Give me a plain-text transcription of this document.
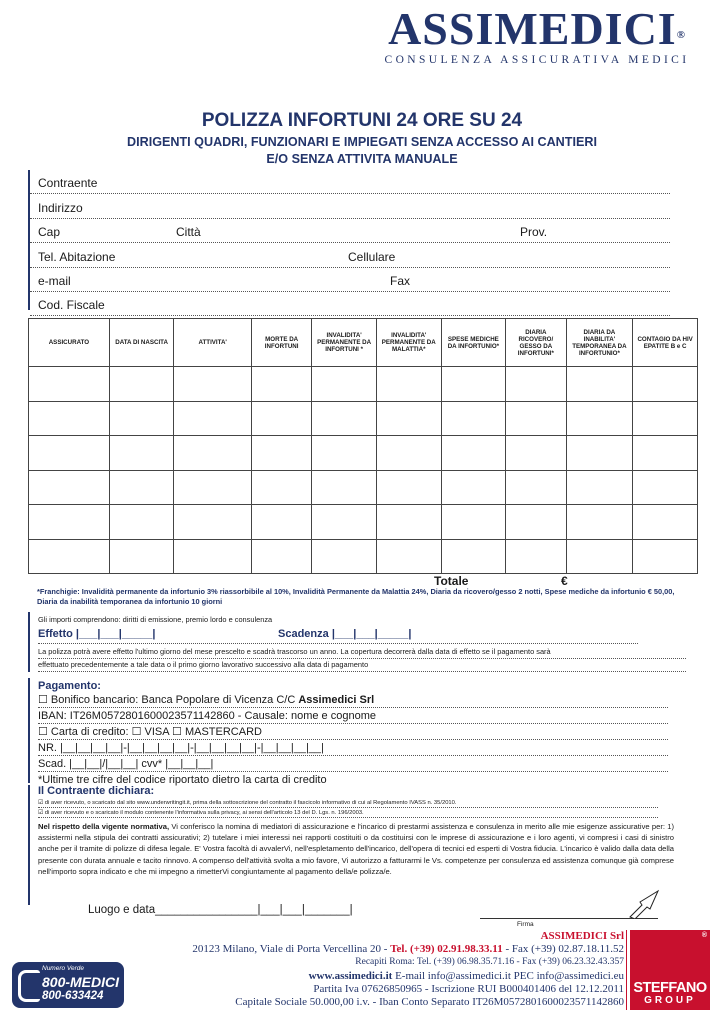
ASSIMEDICI®
CONSULENZA ASSICURATIVA MEDICI
POLIZZA INFORTUNI 24 ORE SU 24
DIRIGENTI QUADRI, FUNZIONARI E IMPIEGATI SENZA ACCESSO AI CANTIERI
E/O SENZA ATTIVITA MANUALE
Contraente
Indirizzo
Cap	Città	Prov.
Tel. Abitazione	Cellulare
e-mail	Fax
Cod. Fiscale
ASSICURATO	DATA DI NASCITA	ATTIVITA'	MORTE DA INFORTUNI	INVALIDITA' PERMANENTE DA INFORTUNI *	INVALIDITA' PERMANENTE DA MALATTIA*	SPESE MEDICHE DA INFORTUNIO*	DIARIA RICOVERO/ GESSO DA INFORTUNI*	DIARIA DA INABILITA' TEMPORANEA DA INFORTUNIO*	CONTAGIO DA HIV EPATITE B e C

Totale	€
*Franchigie: Invalidità permanente da infortunio 3% riassorbibile al 10%, Invalidità Permanente da Malattia 24%, Diaria da ricovero/gesso 2 notti, Spese mediche da infortunio € 50,00, Diaria da inabilità temporanea da infortunio 10 giorni
Gli importi comprendono: diritti di emissione, premio lordo e consulenza
Effetto |___|___|_____|	Scadenza |___|___|_____|
La polizza potrà avere effetto l'ultimo giorno del mese prescelto e scadrà trascorso un anno. La copertura decorrerà dalla data di effetto se il pagamento sarà
effettuato precedentemente a tale data o il primo giorno lavorativo successivo alla data di pagamento
Pagamento:
☐ Bonifico bancario: Banca Popolare di Vicenza C/C Assimedici Srl
IBAN: IT26M0572801600023571142860 - Causale: nome e cognome
☐ Carta di credito: ☐ VISA ☐ MASTERCARD
NR. |__|__|__|__|-|__|__|__|__|-|__|__|__|__|-|__|__|__|__|
Scad. |__|__|/|__|__| cvv* |__|__|__|
*Ultime tre cifre del codice riportato dietro la carta di credito
Il Contraente dichiara:
☑ di aver ricevuto, o scaricato dal sito www.underwritingit.it, prima della sottoscrizione del contratto il fascicolo informativo di cui al Regolamento IVASS n. 35/2010.
☑ di aver ricevuto e o scaricato il modulo contenente l'informativa sulla privacy, ai sensi dell'articolo 13 del D. Lgs. n. 196/2003.
Nel rispetto della vigente normativa, Vi conferisco la nomina di mediatori di assicurazione e l'incarico di prestarmi assistenza e consulenza in merito alle mie esigenze assicurative per: 1) assistermi nella stipula dei contratti assicurativi; 2) tutelare i miei interessi nei rapporti costituiti o da costituirsi con le imprese di assicurazione e i loro agenti, vi compresi i casi di sinistro anche per il tramite di polizze di difesa legale. E' Vostra facoltà di avvalerVi, nell'espletamento dell'incarico, dell'opera di tecnici ed esperti di Vostra fiducia. L'incarico è valido dalla data della presente con durata annuale e tacito rinnovo. A compenso dell'attività svolta a mio favore, Vi autorizzo a fatturarmi le Vs. competenze per consulenza ed assistenza comunque già comprese nell'importo sopra indicato e che mi impegno a rimetterVi congiuntamente al pagamento della/e polizza/e.
Luogo e data________________|___|___|_______|
Firma
ASSIMEDICI Srl
20123 Milano, Viale di Porta Vercellina 20 - Tel. (+39) 02.91.98.33.11 - Fax (+39) 02.87.18.11.52
Recapiti Roma: Tel. (+39) 06.98.35.71.16 - Fax (+39) 06.23.32.43.357
www.assimedici.it E-mail info@assimedici.it PEC info@assimedici.eu
Partita Iva 07626850965 - Iscrizione RUI B000401406 del 12.12.2011
Capitale Sociale 50.000,00 i.v. - Iban Conto Separato IT26M0572801600023571142860
®
STEFFANO
GROUP
Numero Verde
800-MEDICI
800-633424
